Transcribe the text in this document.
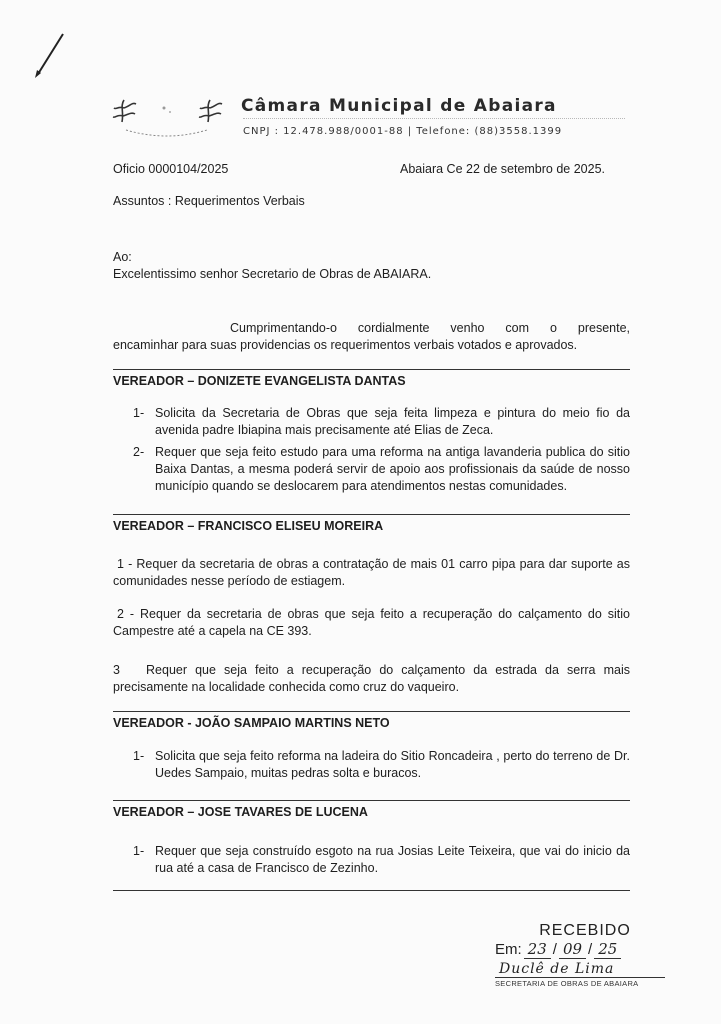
Câmara Municipal de Abaiara
CNPJ : 12.478.988/0001-88 | Telefone: (88)3558.1399
Oficio 0000104/2025	Abaiara Ce 22 de setembro de 2025.
Assuntos : Requerimentos Verbais
Ao:
Excelentissimo senhor Secretario de Obras de ABAIARA.
Cumprimentando-o cordialmente venho com o presente,
encaminhar para suas providencias os requerimentos verbais votados e aprovados.
VEREADOR – DONIZETE EVANGELISTA DANTAS
1- Solicita da Secretaria de Obras que seja feita limpeza e pintura do meio fio da avenida padre Ibiapina mais precisamente até Elias de Zeca.
2- Requer que seja feito estudo para uma reforma na antiga lavanderia publica do sitio Baixa Dantas, a mesma poderá servir de apoio aos profissionais da saúde de nosso município quando se deslocarem para atendimentos nestas comunidades.
VEREADOR – FRANCISCO ELISEU MOREIRA
1 - Requer da secretaria de obras a contratação de mais 01 carro pipa para dar suporte as comunidades nesse período de estiagem.
2 - Requer da secretaria de obras que seja feito a recuperação do calçamento do sitio Campestre até a capela na CE 393.
3 Requer que seja feito a recuperação do calçamento da estrada da serra mais precisamente na localidade conhecida como cruz do vaqueiro.
VEREADOR - JOÃO SAMPAIO MARTINS NETO
1- Solicita que seja feito reforma na ladeira do Sitio Roncadeira , perto do terreno de Dr. Uedes Sampaio, muitas pedras solta e buracos.
VEREADOR – JOSE TAVARES DE LUCENA
1- Requer que seja construído esgoto na rua Josias Leite Teixeira, que vai do inicio da rua até a casa de Francisco de Zezinho.
RECEBIDO
Em: 23 / 09 / 25
Duclê de Lima
SECRETARIA DE OBRAS DE ABAIARA
